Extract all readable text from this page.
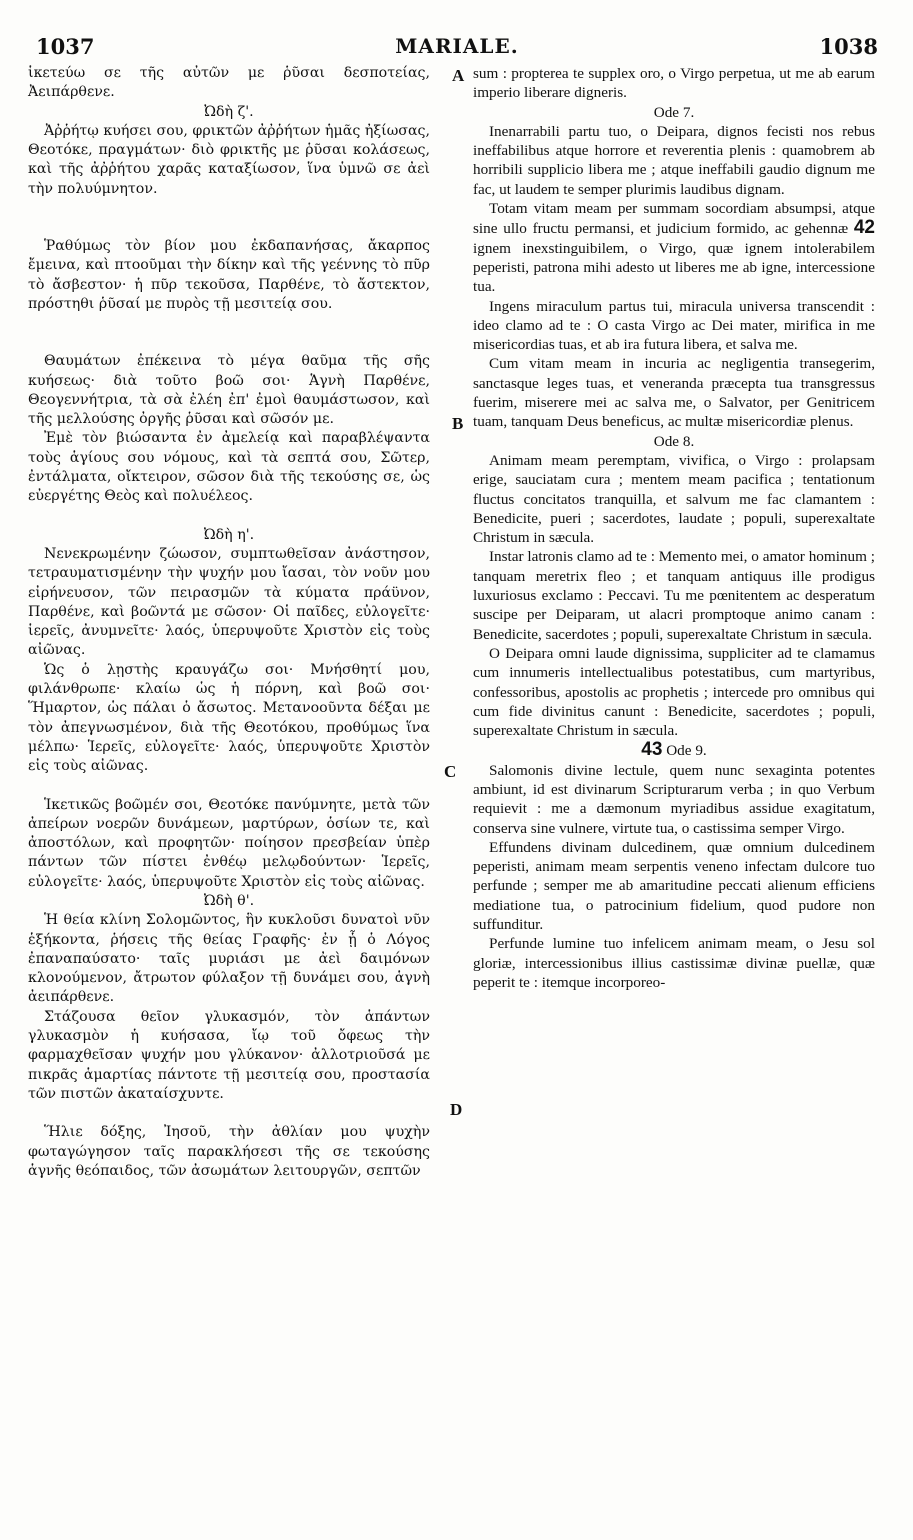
1037	MARIALE.	1038
A
B
C
D

ἱκετεύω σε τῆς αὐτῶν με ῥῦσαι δεσποτείας, Ἀειπάρθενε.

Ὠδὴ ζ'.

Ἀῤῥήτῳ κυήσει σου, φρικτῶν ἀῤῥήτων ἡμᾶς ἠξίωσας, Θεοτόκε, πραγμάτων· διὸ φρικτῆς με ῥῦσαι κολάσεως, καὶ τῆς ἀῤῥήτου χαρᾶς καταξίωσον, ἵνα ὑμνῶ σε ἀεὶ τὴν πολυύμνητον.

Ῥαθύμως τὸν βίον μου ἐκδαπανήσας, ἄκαρπος ἔμεινα, καὶ πτοοῦμαι τὴν δίκην καὶ τῆς γεέννης τὸ πῦρ τὸ ἄσβεστον· ἡ πῦρ τεκοῦσα, Παρθένε, τὸ ἄστεκτον, πρόστηθι ῥῦσαί με πυρὸς τῇ μεσιτείᾳ σου.

Θαυμάτων ἐπέκεινα τὸ μέγα θαῦμα τῆς σῆς κυήσεως· διὰ τοῦτο βοῶ σοι· Ἁγνὴ Παρθένε, Θεογεννήτρια, τὰ σὰ ἐλέη ἐπ' ἐμοὶ θαυμάστωσον, καὶ τῆς μελλούσης ὀργῆς ῥῦσαι καὶ σῶσόν με.

Ἐμὲ τὸν βιώσαντα ἐν ἀμελείᾳ καὶ παραβλέψαντα τοὺς ἁγίους σου νόμους, καὶ τὰ σεπτά σου, Σῶτερ, ἐντάλματα, οἴκτειρον, σῶσον διὰ τῆς τεκούσης σε, ὡς εὐεργέτης Θεὸς καὶ πολυέλεος.

Ὠδὴ η'.

Νενεκρωμένην ζώωσον, συμπτωθεῖσαν ἀνάστησον, τετραυματισμένην τὴν ψυχήν μου ἴασαι, τὸν νοῦν μου εἰρήνευσον, τῶν πειρασμῶν τὰ κύματα πράϋνον, Παρθένε, καὶ βοῶντά με σῶσον· Οἱ παῖδες, εὐλογεῖτε· ἱερεῖς, ἀνυμνεῖτε· λαός, ὑπερυψοῦτε Χριστὸν εἰς τοὺς αἰῶνας.

Ὡς ὁ λῃστὴς κραυγάζω σοι· Μνήσθητί μου, φιλάνθρωπε· κλαίω ὡς ἡ πόρνη, καὶ βοῶ σοι· Ἥμαρτον, ὡς πάλαι ὁ ἄσωτος. Μετανοοῦντα δέξαι με τὸν ἀπεγνωσμένον, διὰ τῆς Θεοτόκου, προθύμως ἵνα μέλπω· Ἱερεῖς, εὐλογεῖτε· λαός, ὑπερυψοῦτε Χριστὸν εἰς τοὺς αἰῶνας.

Ἱκετικῶς βοῶμέν σοι, Θεοτόκε πανύμνητε, μετὰ τῶν ἀπείρων νοερῶν δυνάμεων, μαρτύρων, ὁσίων τε, καὶ ἀποστόλων, καὶ προφητῶν· ποίησον πρεσβείαν ὑπὲρ πάντων τῶν πίστει ἐνθέῳ μελῳδούντων· Ἱερεῖς, εὐλογεῖτε· λαός, ὑπερυψοῦτε Χριστὸν εἰς τοὺς αἰῶνας.

Ὠδὴ θ'.

Ἡ θεία κλίνη Σολομῶντος, ἣν κυκλοῦσι δυνατοὶ νῦν ἑξήκοντα, ῥήσεις τῆς θείας Γραφῆς· ἐν ᾗ ὁ Λόγος ἐπαναπαύσατο· ταῖς μυριάσι με ἀεὶ δαιμόνων κλονούμενον, ἄτρωτον φύλαξον τῇ δυνάμει σου, ἁγνὴ ἀειπάρθενε.

Στάζουσα θεῖον γλυκασμόν, τὸν ἁπάντων γλυκασμὸν ἡ κυήσασα, ἴῳ τοῦ ὄφεως τὴν φαρμαχθεῖσαν ψυχήν μου γλύκανον· ἀλλοτριοῦσά με πικρᾶς ἁμαρτίας πάντοτε τῇ μεσιτείᾳ σου, προστασία τῶν πιστῶν ἀκαταίσχυντε.

Ἥλιε δόξης, Ἰησοῦ, τὴν ἀθλίαν μου ψυχὴν φωταγώγησον ταῖς παρακλήσεσι τῆς σε τεκούσης ἁγνῆς θεόπαιδος, τῶν ἀσωμάτων λειτουργῶν, σεπτῶν

sum : propterea te supplex oro, o Virgo perpetua, ut me ab earum imperio liberare digneris.

Ode 7.

Inenarrabili partu tuo, o Deipara, dignos fecisti nos rebus ineffabilibus atque horrore et reverentia plenis : quamobrem ab horribili supplicio libera me ; atque ineffabili gaudio dignum me fac, ut laudem te semper plurimis laudibus dignam.

Totam vitam meam per summam socordiam absumpsi, atque sine ullo fructu permansi, et judicium formido, ac gehennæ 42 ignem inexstinguibilem, o Virgo, quæ ignem intolerabilem peperisti, patrona mihi adesto ut liberes me ab igne, intercessione tua.

Ingens miraculum partus tui, miracula universa transcendit : ideo clamo ad te : O casta Virgo ac Dei mater, mirifica in me misericordias tuas, et ab ira futura libera, et salva me.

Cum vitam meam in incuria ac negligentia transegerim, sanctasque leges tuas, et veneranda præcepta tua transgressus fuerim, miserere mei ac salva me, o Salvator, per Genitricem tuam, tanquam Deus beneficus, ac multæ misericordiæ plenus.

Ode 8.

Animam meam peremptam, vivifica, o Virgo : prolapsam erige, sauciatam cura ; mentem meam pacifica ; tentationum fluctus concitatos tranquilla, et salvum me fac clamantem : Benedicite, pueri ; sacerdotes, laudate ; populi, superexaltate Christum in sæcula.

Instar latronis clamo ad te : Memento mei, o amator hominum ; tanquam meretrix fleo ; et tanquam antiquus ille prodigus luxuriosus exclamo : Peccavi. Tu me pœnitentem ac desperatum suscipe per Deiparam, ut alacri promptoque animo canam : Benedicite, sacerdotes ; populi, superexaltate Christum in sæcula.

O Deipara omni laude dignissima, suppliciter ad te clamamus cum innumeris intellectualibus potestatibus, cum martyribus, confessoribus, apostolis ac prophetis ; intercede pro omnibus qui cum fide divinitus canunt : Benedicite, sacerdotes ; populi, superexaltate Christum in sæcula.

43 Ode 9.

Salomonis divine lectule, quem nunc sexaginta potentes ambiunt, id est divinarum Scripturarum verba ; in quo Verbum requievit : me a dæmonum myriadibus assidue exagitatum, conserva sine vulnere, virtute tua, o castissima semper Virgo.

Effundens divinam dulcedinem, quæ omnium dulcedinem peperisti, animam meam serpentis veneno infectam dulcore tuo perfunde ; semper me ab amaritudine peccati alienum efficiens mediatione tua, o patrocinium fidelium, quod pudore non suffunditur.

Perfunde lumine tuo infelicem animam meam, o Jesu sol gloriæ, intercessionibus illius castissimæ divinæ puellæ, quæ peperit te : itemque incorporeo-
